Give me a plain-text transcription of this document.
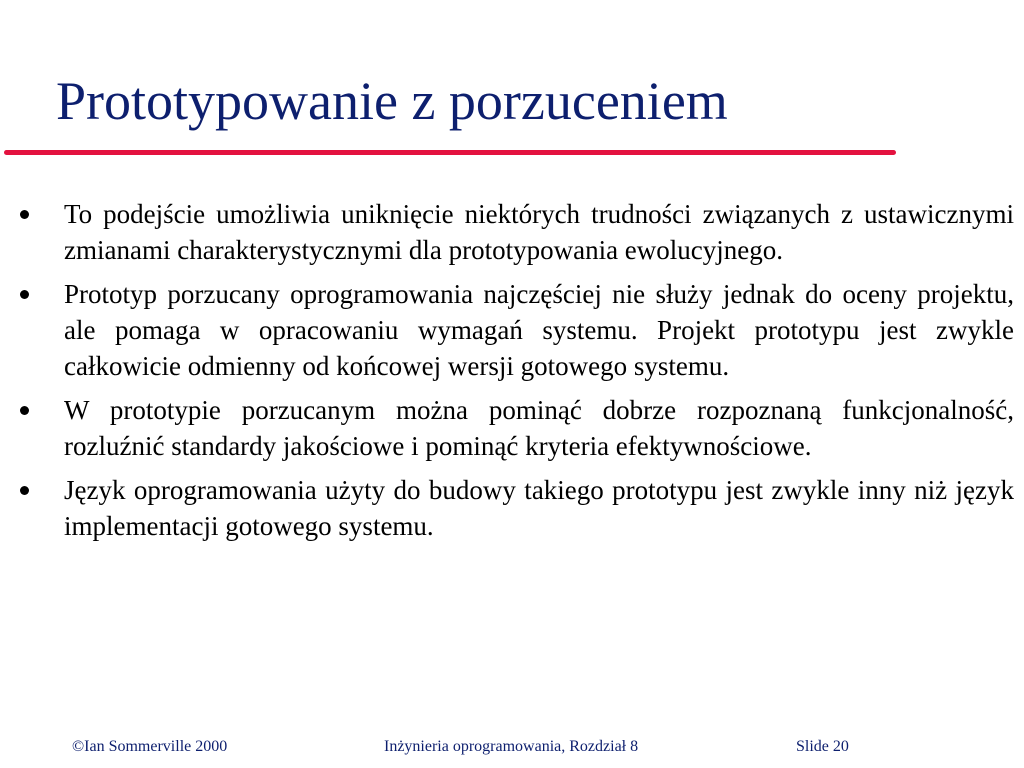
Prototypowanie z porzuceniem
To podejście umożliwia uniknięcie niektórych trudności związanych z ustawicznymi zmianami charakterystycznymi dla prototypowania ewolucyjnego.
Prototyp porzucany oprogramowania najczęściej nie służy jednak do oceny projektu, ale pomaga w opracowaniu wymagań systemu. Projekt prototypu jest zwykle całkowicie odmienny od końcowej wersji gotowego systemu.
W prototypie porzucanym można pominąć dobrze rozpoznaną funkcjonalność, rozluźnić standardy jakościowe i pominąć kryteria efektywnościowe.
Język oprogramowania użyty do budowy takiego prototypu jest zwykle inny niż język implementacji gotowego systemu.
©Ian Sommerville 2000	Inżynieria oprogramowania, Rozdział 8	Slide 20
